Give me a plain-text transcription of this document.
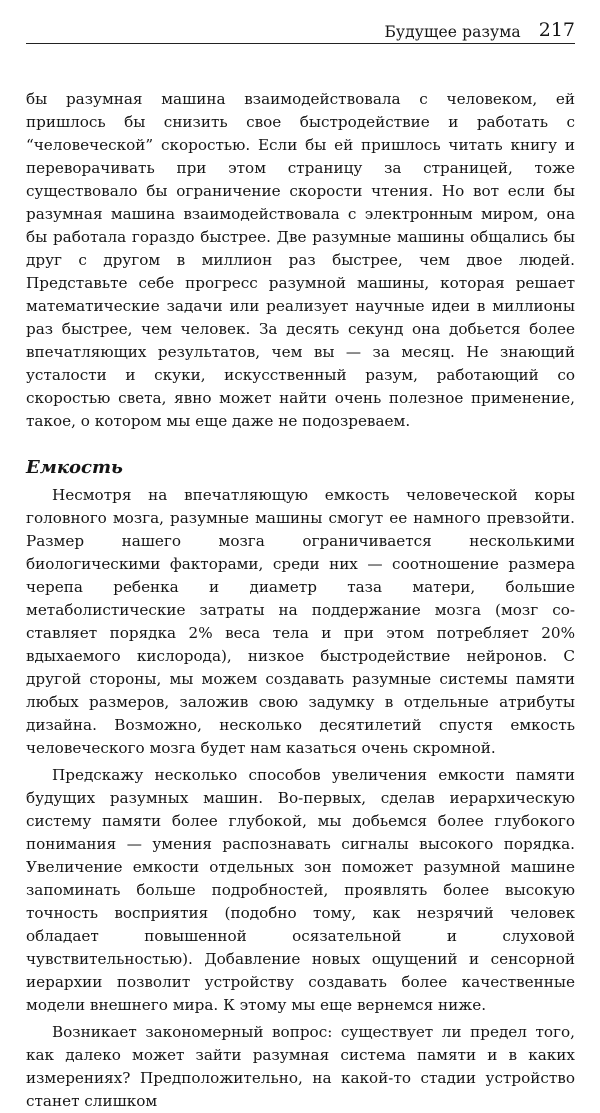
Будущее разума 217

бы разумная машина взаимодействовала с человеком, ей пришлось бы снизить свое быстродействие и работать с “человеческой” скоростью. Если бы ей пришлось читать книгу и переворачивать при этом страницу за страницей, тоже существовало бы ограничение скорости чтения. Но вот если бы разумная машина взаимодействовала с электронным миром, она бы работала гораздо быстрее. Две разумные машины общались бы друг с другом в миллион раз быстрее, чем двое людей. Представьте себе прогресс разумной машины, которая решает математические задачи или реализует научные идеи в миллионы раз быстрее, чем человек. За десять секунд она добьется более впечатляющих результатов, чем вы — за месяц. Не знающий усталости и скуки, искусственный разум, работающий со скоростью света, явно может найти очень полезное применение, такое, о котором мы еще даже не подозреваем.

Емкость

Несмотря на впечатляющую емкость человеческой коры головного мозга, разумные машины смогут ее намного превзойти. Размер нашего мозга ограничивается несколькими биологическими факторами, среди них — соотношение размера черепа ребенка и диаметр таза матери, большие метаболистические затраты на поддержание мозга (мозг составляет порядка 2% веса тела и при этом потребляет 20% вдыхаемого кислорода), низкое быстродействие нейронов. С другой стороны, мы можем создавать разумные системы памяти любых размеров, заложив свою задумку в отдельные атрибуты дизайна. Возможно, несколько десятилетий спустя емкость человеческого мозга будет нам казаться очень скромной.

Предскажу несколько способов увеличения емкости памяти будущих разумных машин. Во-первых, сделав иерархическую систему памяти более глубокой, мы добьемся более глубокого понимания — умения распознавать сигналы высокого порядка. Увеличение емкости отдельных зон поможет разумной машине запоминать больше подробностей, проявлять более высокую точность восприятия (подобно тому, как незрячий человек обладает повышенной осязательной и слуховой чувствительностью). Добавление новых ощущений и сенсорной иерархии позволит устройству создавать более качественные модели внешнего мира. К этому мы еще вернемся ниже.

Возникает закономерный вопрос: существует ли предел того, как далеко может зайти разумная система памяти и в каких измерениях? Предположительно, на какой-то стадии устройство станет слишком
